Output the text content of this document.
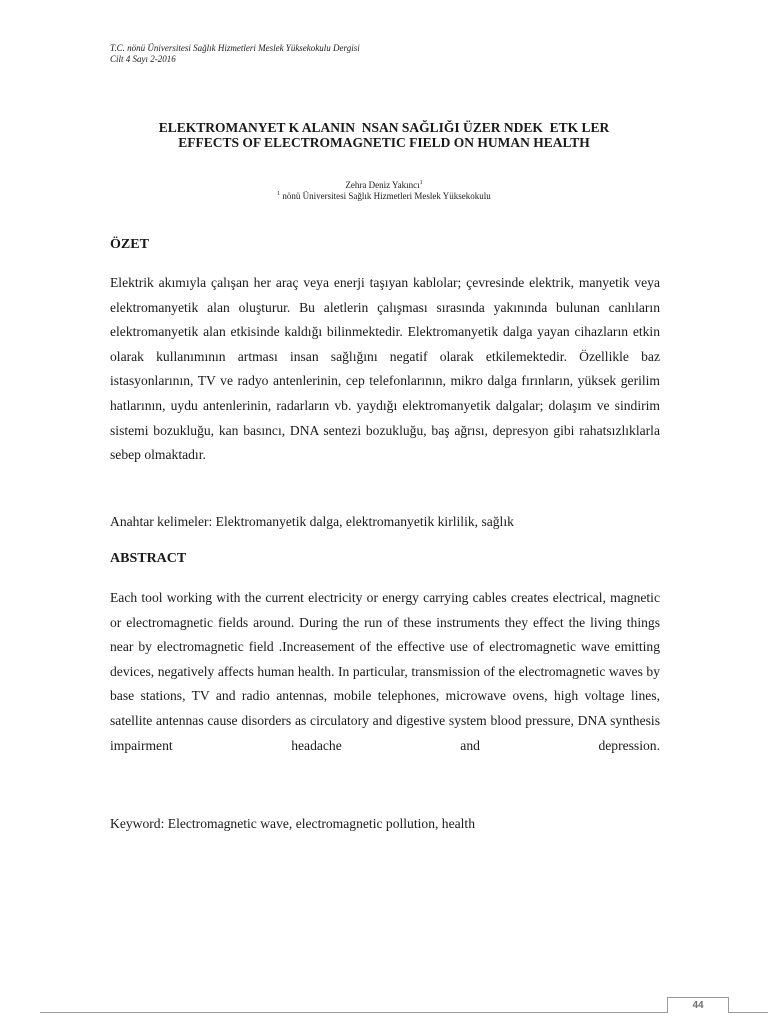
T.C. nönü Üniversitesi Sağlık Hizmetleri Meslek Yüksekokulu Dergisi
Cilt 4 Sayı 2-2016
ELEKTROMANYET K ALANIN  NSAN SAĞLIĞI ÜZER NDEK  ETK LER
EFFECTS OF ELECTROMAGNETIC FIELD ON HUMAN HEALTH
Zehra Deniz Yakıncı$^1$
$^1$ nönü Üniversitesi Sağlık Hizmetleri Meslek Yüksekokulu
ÖZET
Elektrik akımıyla çalışan her araç veya enerji taşıyan kablolar; çevresinde elektrik, manyetik veya elektromanyetik alan oluşturur. Bu aletlerin çalışması sırasında yakınında bulunan canlıların elektromanyetik alan etkisinde kaldığı bilinmektedir. Elektromanyetik dalga yayan cihazların etkin olarak kullanımının artması insan sağlığını negatif olarak etkilemektedir. Özellikle baz istasyonlarının, TV ve radyo antenlerinin, cep telefonlarının, mikro dalga fırınların, yüksek gerilim hatlarının, uydu antenlerinin, radarların vb. yaydığı elektromanyetik dalgalar; dolaşım ve sindirim sistemi bozukluğu, kan basıncı, DNA sentezi bozukluğu, baş ağrısı, depresyon gibi rahatsızlıklarla sebep olmaktadır.
Anahtar kelimeler: Elektromanyetik dalga, elektromanyetik kirlilik, sağlık
ABSTRACT
Each tool working with the current electricity or energy carrying cables creates electrical, magnetic or electromagnetic fields around. During the run of these instruments they effect the living things near by electromagnetic field .Increasement of the effective use of electromagnetic wave emitting devices, negatively affects human health. In particular, transmission of the electromagnetic waves by base stations, TV and radio antennas, mobile telephones, microwave ovens, high voltage lines, satellite antennas cause disorders as circulatory and digestive system blood pressure, DNA synthesis impairment headache and depression.
Keyword: Electromagnetic wave, electromagnetic pollution, health
44
